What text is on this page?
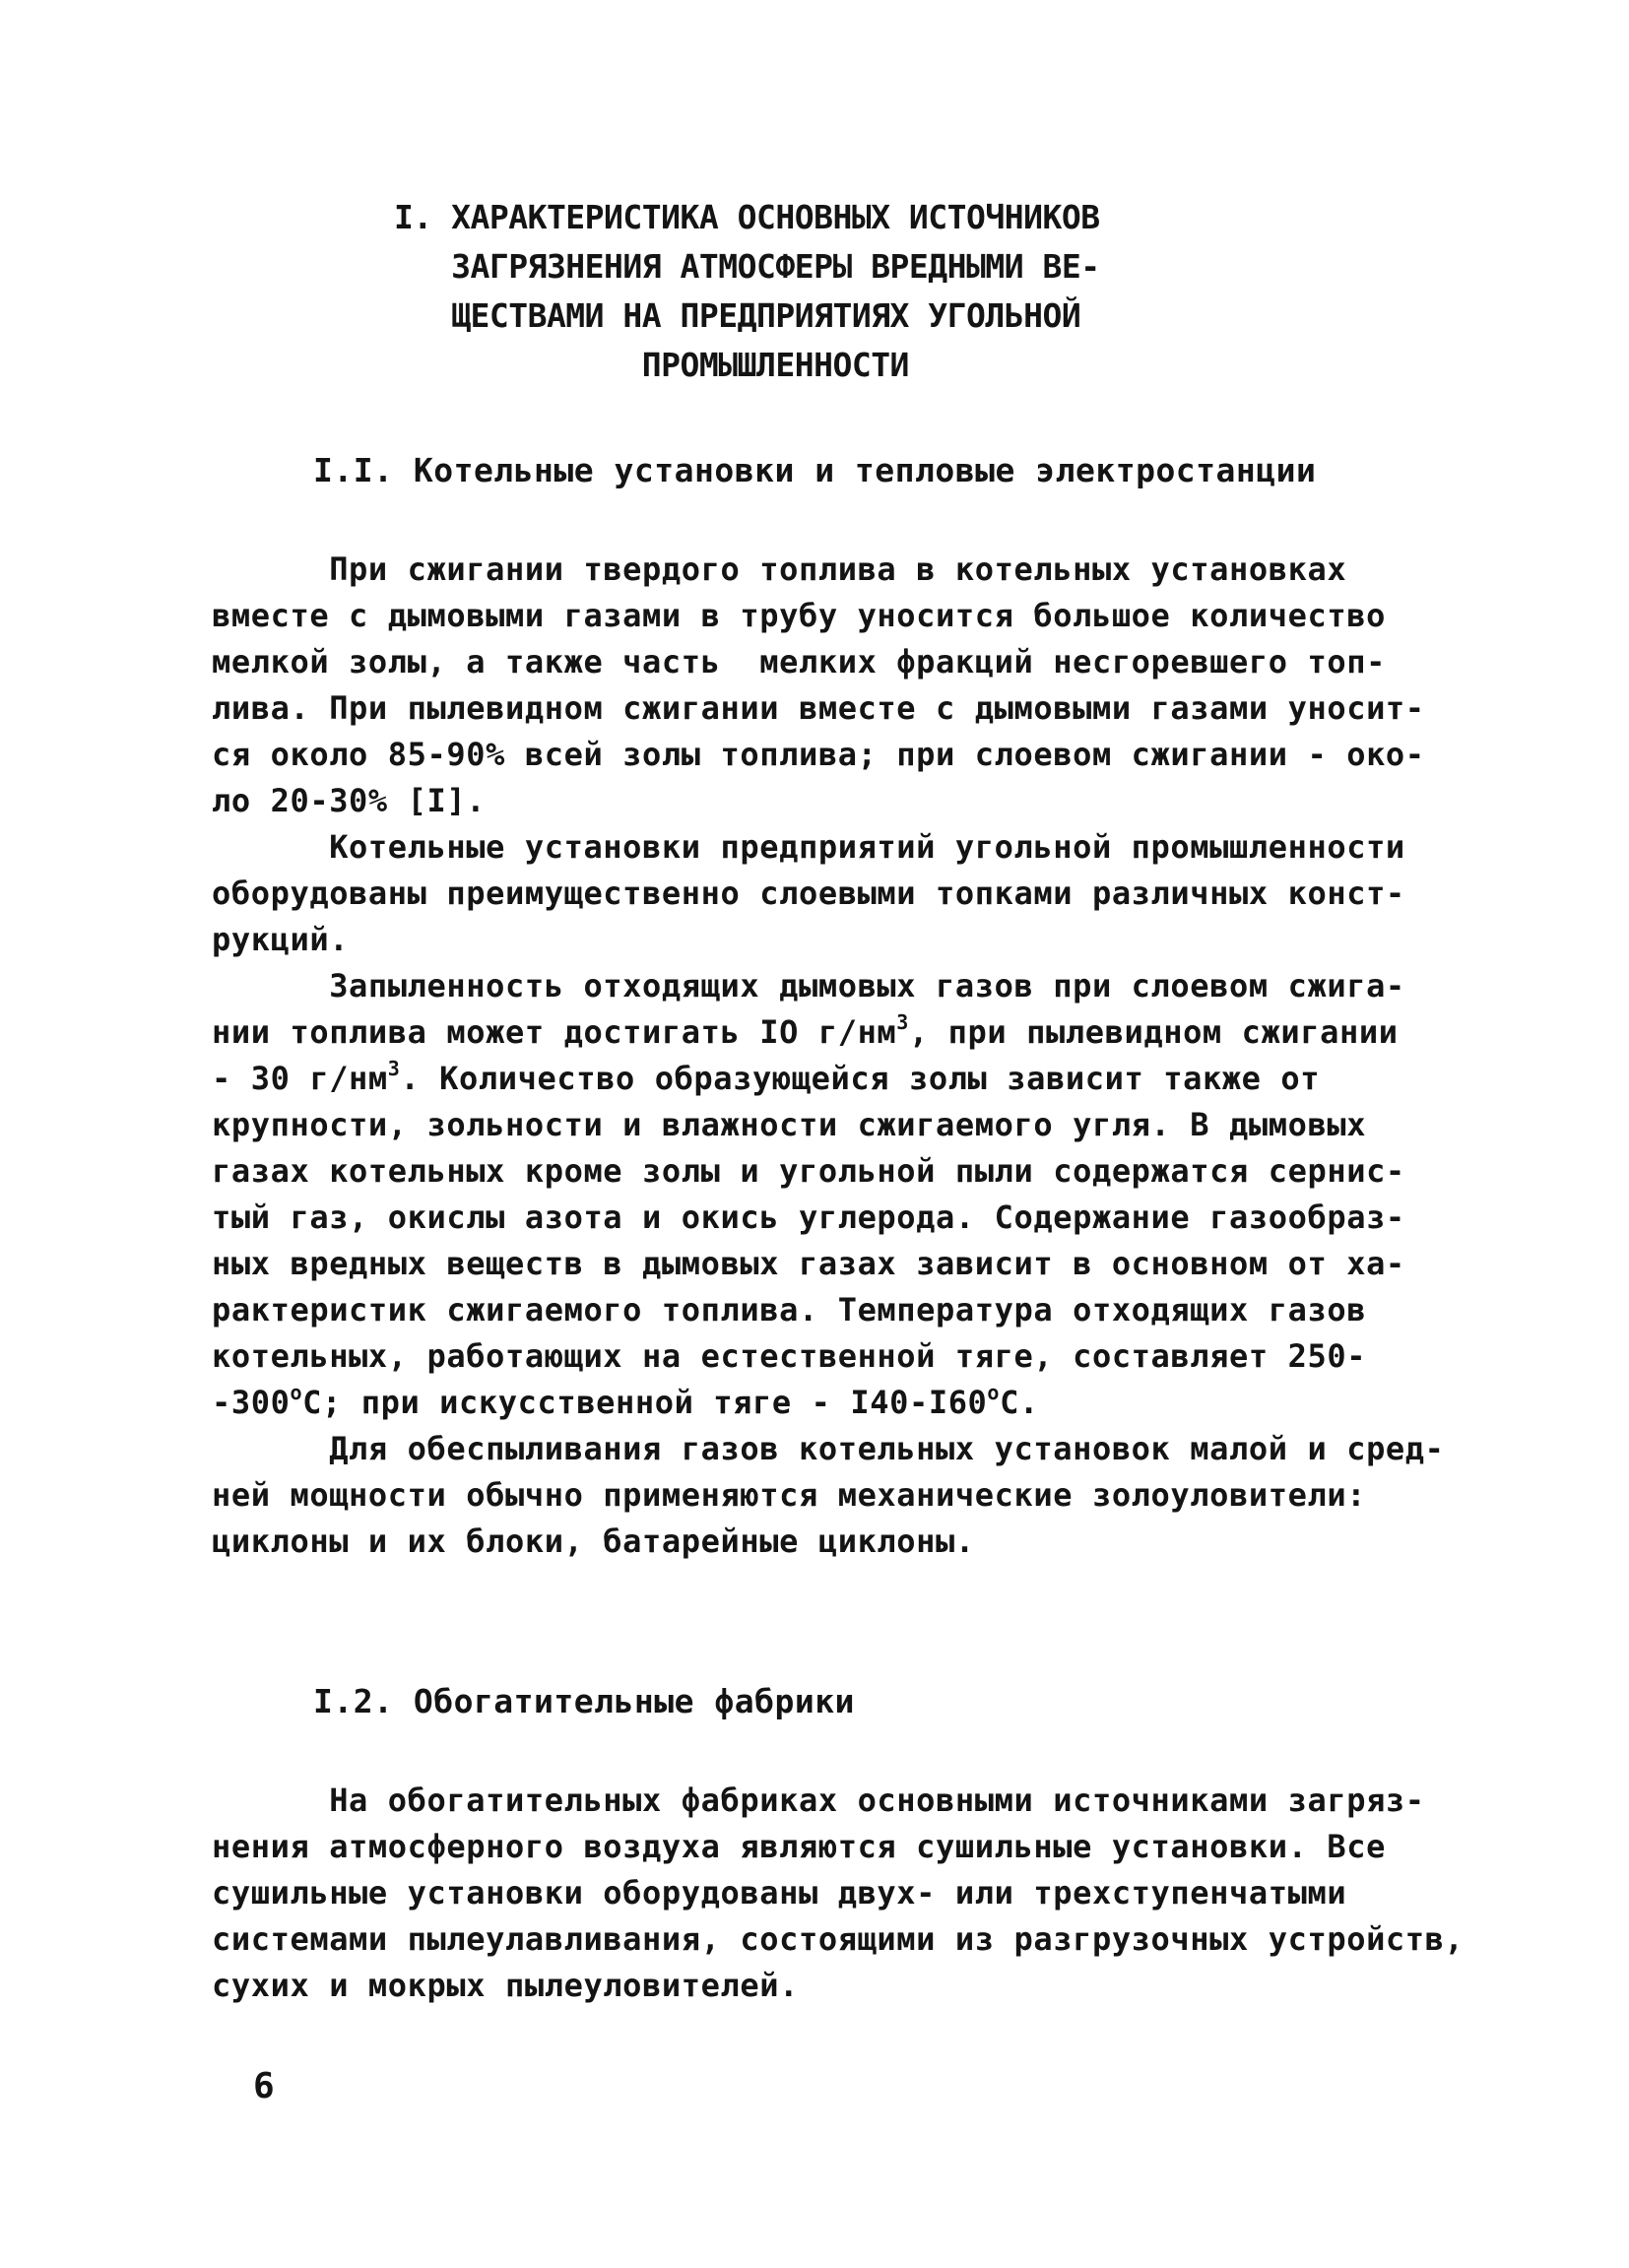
I. ХАРАКТЕРИСТИКА ОСНОВНЫХ ИСТОЧНИКОВ
ЗАГРЯЗНЕНИЯ АТМОСФЕРЫ ВРЕДНЫМИ ВЕ-
ЩЕСТВАМИ НА ПРЕДПРИЯТИЯХ УГОЛЬНОЙ
ПРОМЫШЛЕННОСТИ
I.I. Котельные установки и тепловые электростанции
При сжигании твердого топлива в котельных установках
вместе с дымовыми газами в трубу уносится большое количество
мелкой золы, а также часть  мелких фракций несгоревшего топ-
лива. При пылевидном сжигании вместе с дымовыми газами уносит-
ся около 85-90% всей золы топлива; при слоевом сжигании - око-
ло 20-30% [I].
Котельные установки предприятий угольной промышленности
оборудованы преимущественно слоевыми топками различных конст-
рукций.
Запыленность отходящих дымовых газов при слоевом сжига-
нии топлива может достигать IO $г/нм^3$, при пылевидном сжигании
- 30 $г/нм^3$. Количество образующейся золы зависит также от
крупности, зольности и влажности сжигаемого угля. В дымовых
газах котельных кроме золы и угольной пыли содержатся сернис-
тый газ, окислы азота и окись углерода. Содержание газообраз-
ных вредных веществ в дымовых газах зависит в основном от ха-
рактеристик сжигаемого топлива. Температура отходящих газов
котельных, работающих на естественной тяге, составляет 250-
-300$^o$С; при искусственной тяге - I40-I60$^o$С.
Для обеспыливания газов котельных установок малой и сред-
ней мощности обычно применяются механические золоуловители:
циклоны и их блоки, батарейные циклоны.
I.2. Обогатительные фабрики
На обогатительных фабриках основными источниками загряз-
нения атмосферного воздуха являются сушильные установки. Все
сушильные установки оборудованы двух- или трехступенчатыми
системами пылеулавливания, состоящими из разгрузочных устройств,
сухих и мокрых пылеуловителей.
6
